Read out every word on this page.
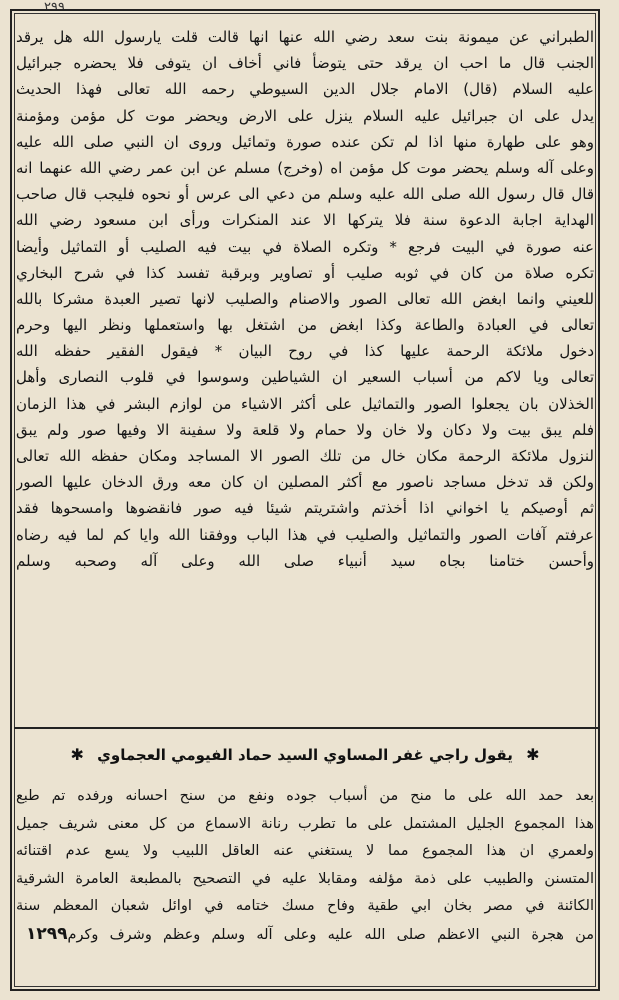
٢٩٩
الطبراني عن ميمونة بنت سعد رضي الله عنها انها قالت قلت يارسول الله هل يرقد
الجنب قال ما احب ان يرقد حتى يتوضأ فاني أخاف ان يتوفى فلا يحضره جبرائيل
عليه السلام (قال) الامام جلال الدين السيوطي رحمه الله تعالى فهذا الحديث
يدل على ان جبرائيل عليه السلام ينزل على الارض ويحضر موت كل مؤمن ومؤمنة
وهو على طهارة منها اذا لم تكن عنده صورة وتمائيل وروى ان النبي صلى الله عليه
وعلى آله وسلم يحضر موت كل مؤمن اه (وخرج) مسلم عن ابن عمر رضي الله عنهما انه
قال قال رسول الله صلى الله عليه وسلم من دعي الى عرس أو نحوه فليجب قال صاحب
الهداية اجابة الدعوة سنة فلا يتركها الا عند المنكرات ورأى ابن مسعود رضي الله
عنه صورة في البيت فرجع * وتكره الصلاة في بيت فيه الصليب أو التماثيل وأيضا
تكره صلاة من كان في ثوبه صليب أو تصاوير وبرقبة تفسد كذا في شرح البخاري
للعيني وانما ابغض الله تعالى الصور والاصنام والصليب لانها تصير العبدة مشركا بالله
تعالى في العبادة والطاعة وكذا ابغض من اشتغل بها واستعملها ونظر اليها وحرم
دخول ملائكة الرحمة عليها كذا في روح البيان * فيقول الفقير حفظه الله
تعالى ويا لاكم من أسباب السعير ان الشياطين وسوسوا في قلوب النصارى وأهل
الخذلان بان يجعلوا الصور والتماثيل على أكثر الاشياء من لوازم البشر في هذا الزمان
فلم يبق بيت ولا دكان ولا خان ولا حمام ولا قلعة ولا سفينة الا وفيها صور ولم يبق
لنزول ملائكة الرحمة مكان خال من تلك الصور الا المساجد ومكان حفظه الله تعالى
ولكن قد تدخل مساجد ناصور مع أكثر المصلين ان كان معه ورق الدخان عليها الصور
ثم أوصيكم يا اخواني اذا أخذتم واشتريتم شيئا فيه صور فانقضوها وامسحوها فقد
عرفتم آفات الصور والتماثيل والصليب في هذا الباب ووفقنا الله وايا كم لما فيه رضاه
وأحسن ختامنا بجاه سيد أنبياء صلى الله وعلى آله وصحبه وسلم
✱ يقول راجي غفر المساوي السيد حماد الفيومي العجماوي ✱
بعد حمد الله على ما منح من أسباب جوده ونفع من سنح احسانه ورفده تم طبع
هذا المجموع الجليل المشتمل على ما تطرب رنانة الاسماع من كل معنى شريف جميل
ولعمري ان هذا المجموع مما لا يستغني عنه العاقل اللبيب ولا يسع عدم اقتنائه
المتسنن والطبيب على ذمة مؤلفه ومقابلا عليه في التصحيح بالمطبعة العامرة الشرقية
الكائنة في مصر بخان ابي طقية وفاح مسك ختامه في اوائل شعبان المعظم سنة
من هجرة النبي الاعظم صلى الله عليه وعلى آله وسلم وعظم وشرف وكرم١٢٩٩
